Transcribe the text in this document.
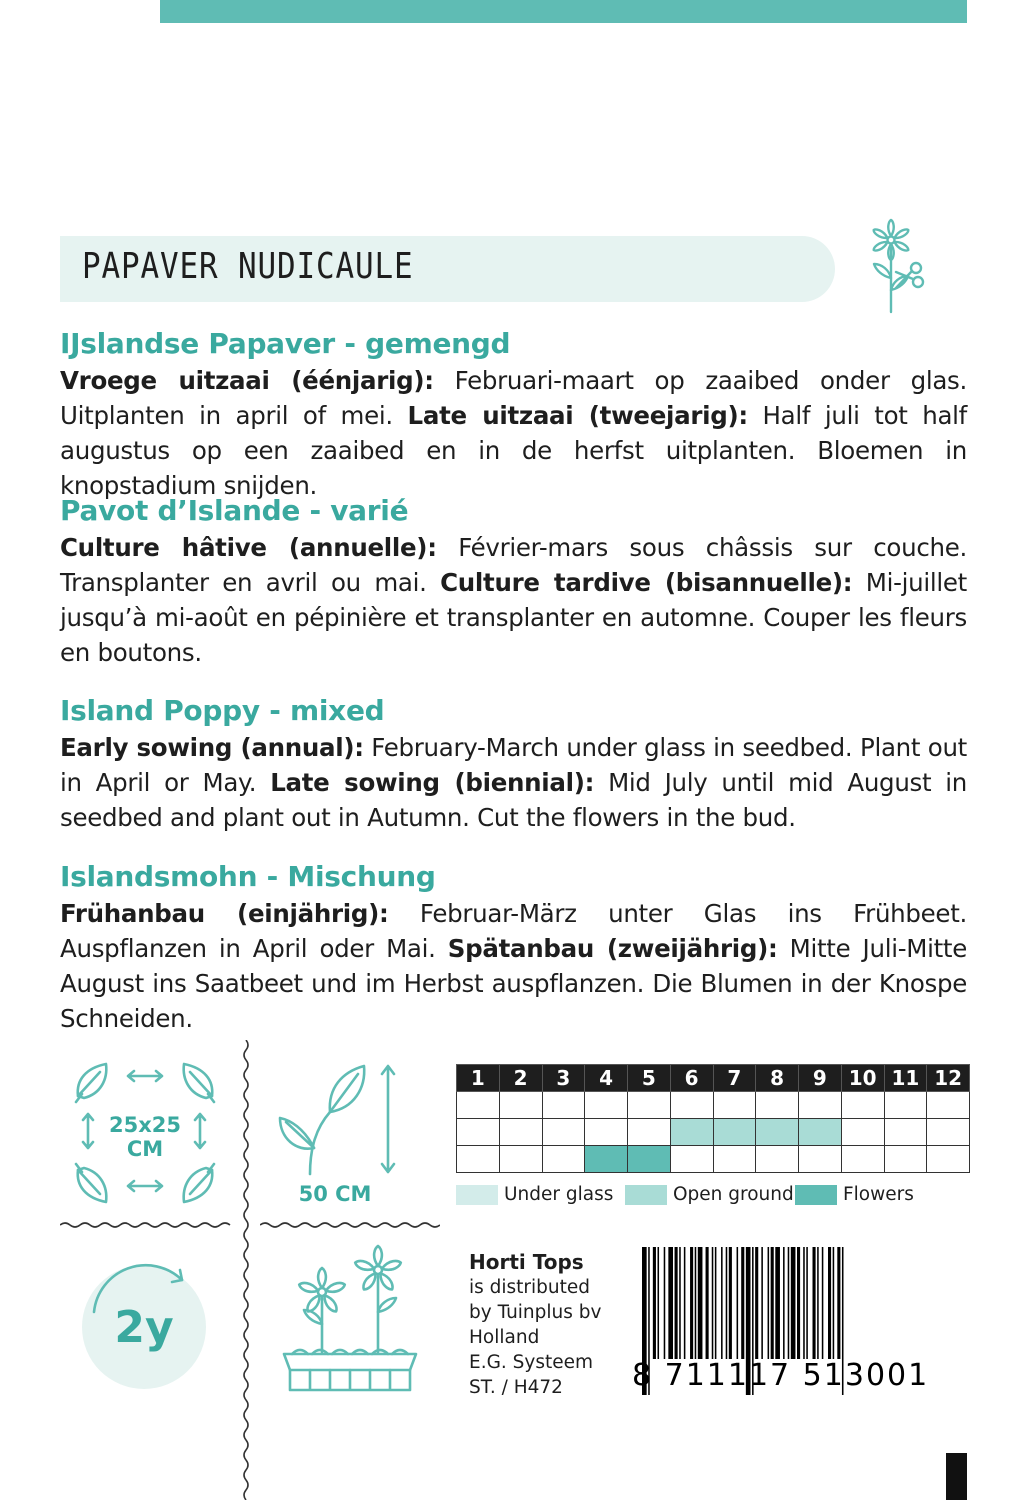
PAPAVER NUDICAULE
IJslandse Papaver - gemengd

Vroege uitzaai (éénjarig): Februari-maart op zaaibed onder glas. Uitplanten in april of mei. Late uitzaai (tweejarig): Half juli tot half augustus op een zaaibed en in de herfst uitplanten. Bloemen in knopstadium snijden.

Pavot d’Islande - varié

Culture hâtive (annuelle): Février-mars sous châssis sur couche. Transplanter en avril ou mai. Culture tardive (bisannuelle): Mi-juillet jusqu’à mi-août en pépinière et transplanter en automne. Couper les fleurs en boutons.

Island Poppy - mixed

Early sowing (annual): February-March under glass in seedbed. Plant out in April or May. Late sowing (biennial): Mid July until mid August in seedbed and plant out in Autumn. Cut the flowers in the bud.

Islandsmohn - Mischung

Frühanbau (einjährig): Februar-März unter Glas ins Frühbeet. Auspflanzen in April oder Mai. Spätanbau (zweijährig): Mitte Juli-Mitte August ins Saatbeet und im Herbst auspflanzen. Die Blumen in der Knospe Schneiden.

25x25
CM
50 CM
2y
1	2	3	4	5	6	7	8	9	10	11	12

Under glass	Open ground	Flowers
Horti Tops
is distributed
by Tuinplus bv
Holland
E.G. Systeem
ST. / H472	8 711117 513001
